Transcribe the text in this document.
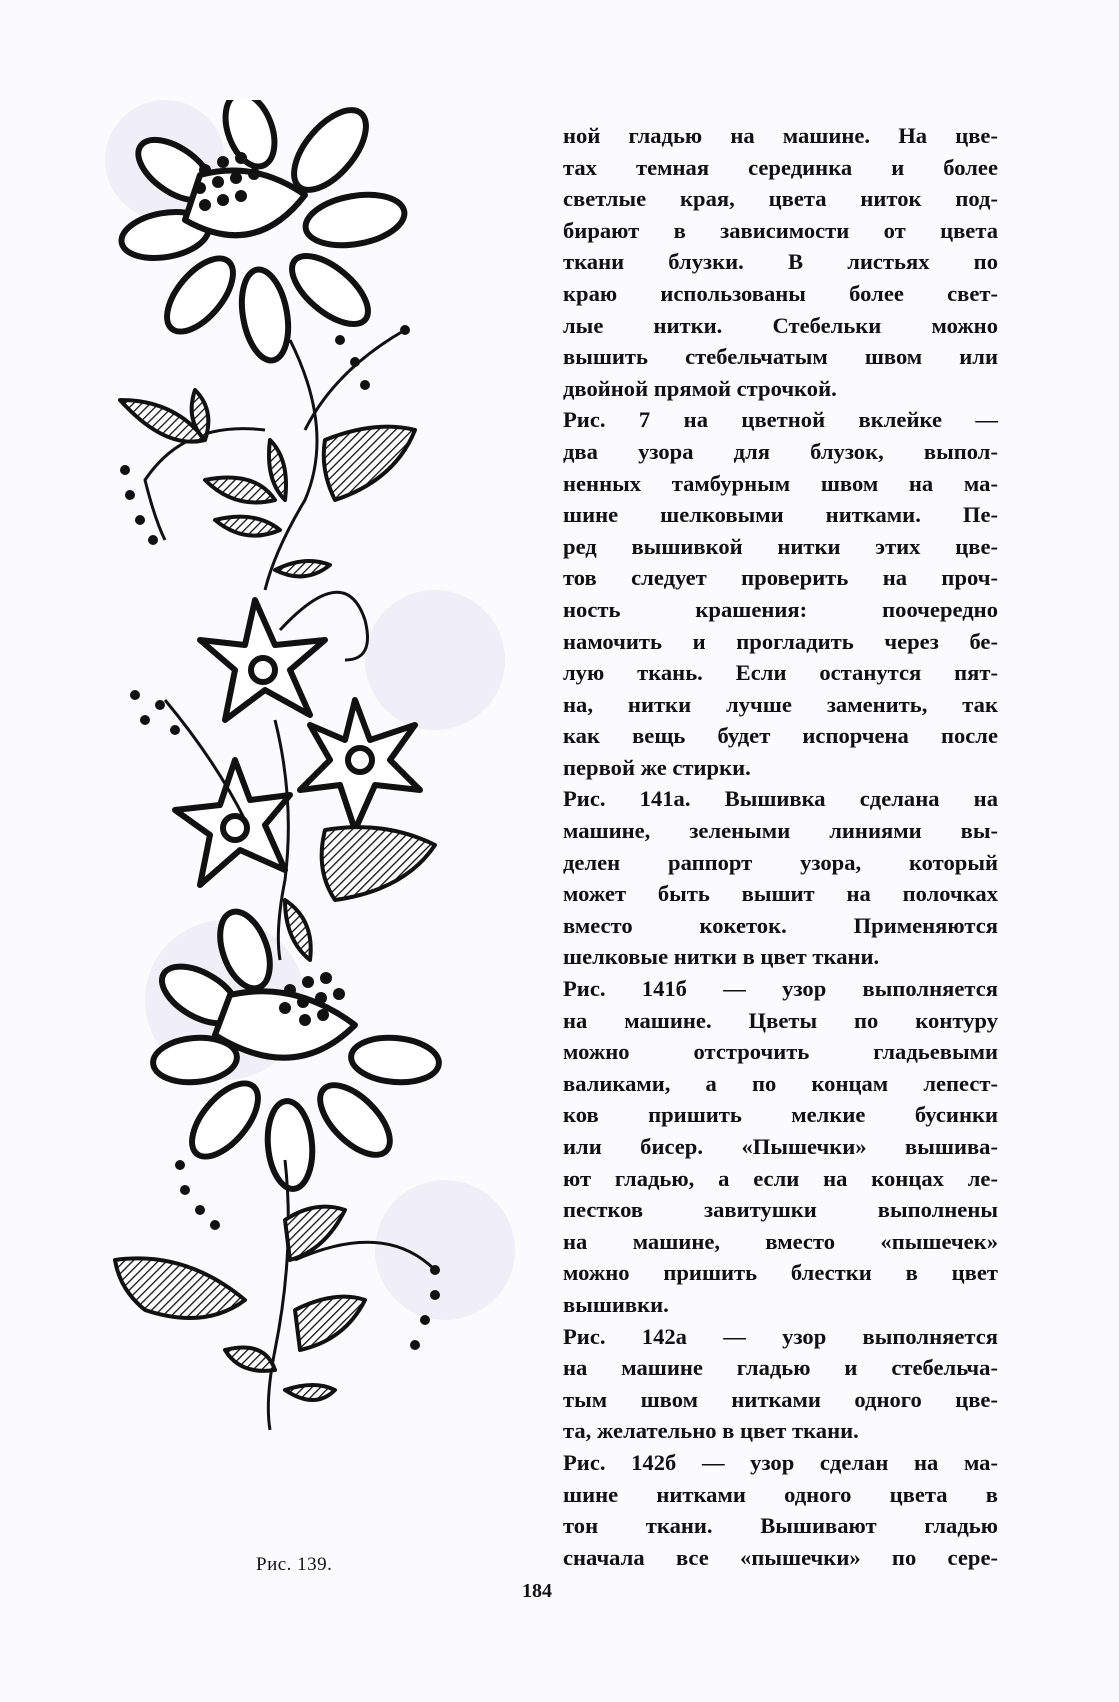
Рис. 139.
ной гладью на машине. На цве-
тах темная серединка и более
светлые края, цвета ниток под-
бирают в зависимости от цвета
ткани блузки. В листьях по
краю использованы более свет-
лые нитки. Стебельки можно
вышить стебельчатым швом или
двойной прямой строчкой.
Рис. 7 на цветной вклейке —
два узора для блузок, выпол-
ненных тамбурным швом на ма-
шине шелковыми нитками. Пе-
ред вышивкой нитки этих цве-
тов следует проверить на проч-
ность крашения: поочередно
намочить и прогладить через бе-
лую ткань. Если останутся пят-
на, нитки лучше заменить, так
как вещь будет испорчена после
первой же стирки.
Рис. 141а. Вышивка сделана на
машине, зелеными линиями вы-
делен раппорт узора, который
может быть вышит на полочках
вместо кокеток. Применяются
шелковые нитки в цвет ткани.
Рис. 141б — узор выполняется
на машине. Цветы по контуру
можно отстрочить гладьевыми
валиками, а по концам лепест-
ков пришить мелкие бусинки
или бисер. «Пышечки» вышива-
ют гладью, а если на концах ле-
пестков завитушки выполнены
на машине, вместо «пышечек»
можно пришить блестки в цвет
вышивки.
Рис. 142а — узор выполняется
на машине гладью и стебельча-
тым швом нитками одного цве-
та, желательно в цвет ткани.
Рис. 142б — узор сделан на ма-
шине нитками одного цвета в
тон ткани. Вышивают гладью
сначала все «пышечки» по сере-
184
